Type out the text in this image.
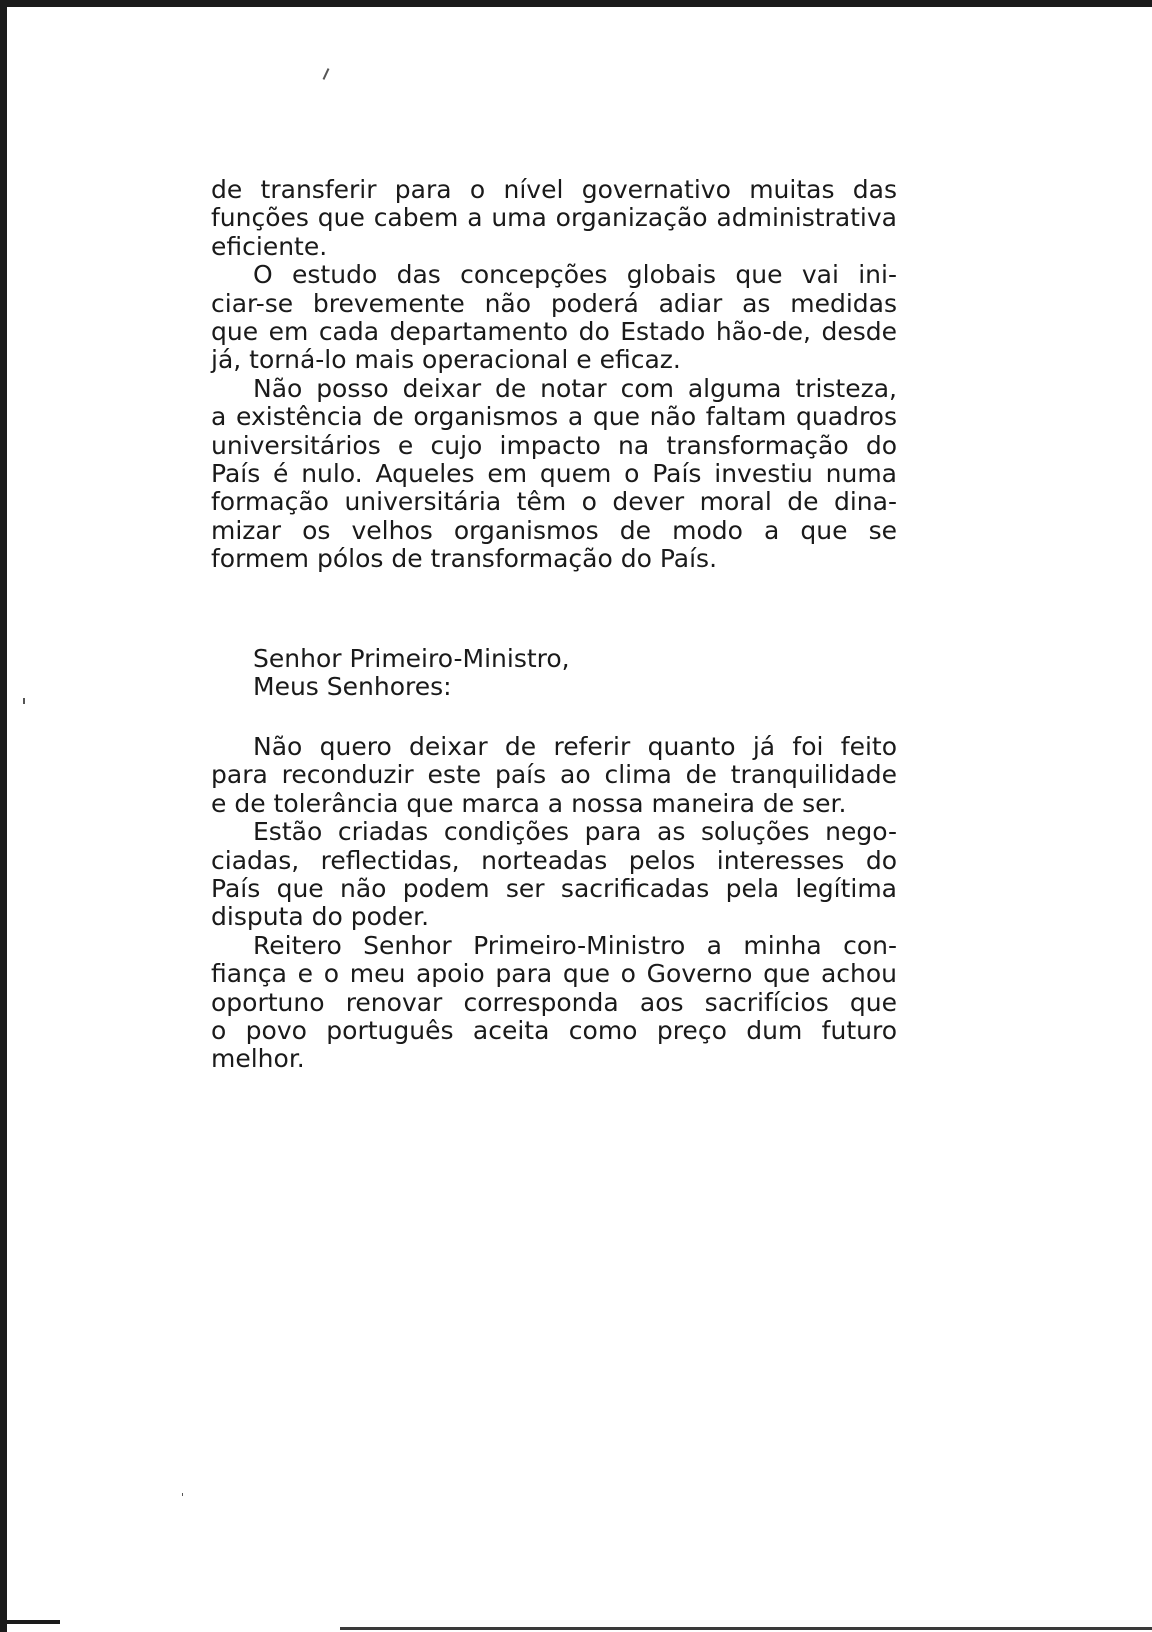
de transferir para o nível governativo muitas das
funções que cabem a uma organização administrativa
eficiente.
O estudo das concepções globais que vai ini-
ciar-se brevemente não poderá adiar as medidas
que em cada departamento do Estado hão-de, desde
já, torná-lo mais operacional e eficaz.
Não posso deixar de notar com alguma tristeza,
a existência de organismos a que não faltam quadros
universitários e cujo impacto na transformação do
País é nulo. Aqueles em quem o País investiu numa
formação universitária têm o dever moral de dina-
mizar os velhos organismos de modo a que se
formem pólos de transformação do País.
Senhor Primeiro-Ministro,
Meus Senhores:
Não quero deixar de referir quanto já foi feito
para reconduzir este país ao clima de tranquilidade
e de tolerância que marca a nossa maneira de ser.
Estão criadas condições para as soluções nego-
ciadas, reflectidas, norteadas pelos interesses do
País que não podem ser sacrificadas pela legítima
disputa do poder.
Reitero Senhor Primeiro-Ministro a minha con-
fiança e o meu apoio para que o Governo que achou
oportuno renovar corresponda aos sacrifícios que
o povo português aceita como preço dum futuro
melhor.
